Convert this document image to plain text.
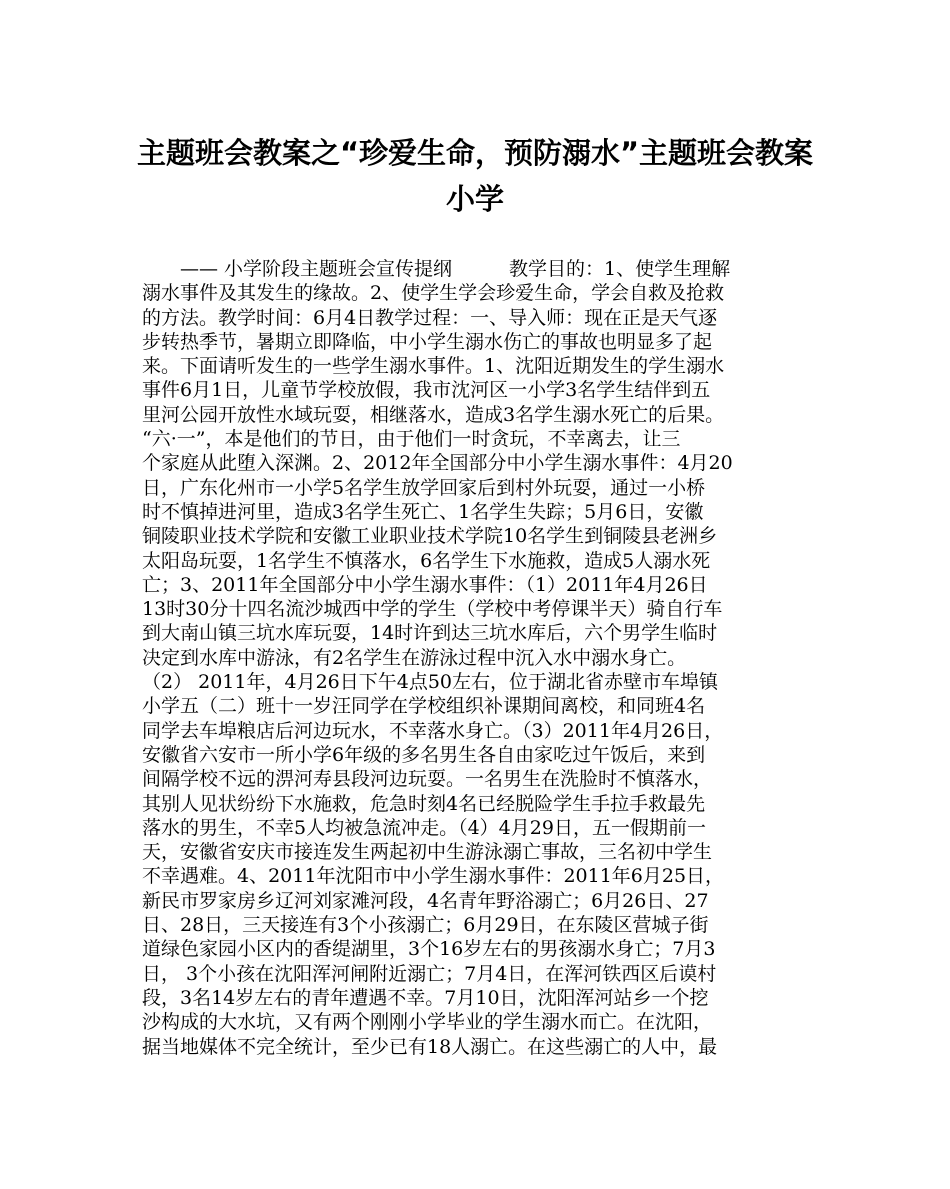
主题班会教案之“珍爱生命，预防溺水”主题班会教案
小学
　　—— 小学阶段主题班会宣传提纲　　　教学目的：1、使学生理解
溺水事件及其发生的缘故。2、使学生学会珍爱生命，学会自救及抢救
的方法。教学时间：6月4日教学过程：一、导入师：现在正是天气逐
步转热季节，暑期立即降临，中小学生溺水伤亡的事故也明显多了起
来。下面请听发生的一些学生溺水事件。1、沈阳近期发生的学生溺水
事件6月1日，儿童节学校放假，我市沈河区一小学3名学生结伴到五
里河公园开放性水域玩耍，相继落水，造成3名学生溺水死亡的后果。
“六·一”，本是他们的节日，由于他们一时贪玩，不幸离去，让三
个家庭从此堕入深渊。2、2012年全国部分中小学生溺水事件：4月20
日，广东化州市一小学5名学生放学回家后到村外玩耍，通过一小桥
时不慎掉进河里，造成3名学生死亡、1名学生失踪；5月6日，安徽
铜陵职业技术学院和安徽工业职业技术学院10名学生到铜陵县老洲乡
太阳岛玩耍，1名学生不慎落水，6名学生下水施救，造成5人溺水死
亡；3、2011年全国部分中小学生溺水事件：（1）2011年4月26日
13时30分十四名流沙城西中学的学生（学校中考停课半天）骑自行车
到大南山镇三坑水库玩耍，14时许到达三坑水库后，六个男学生临时
决定到水库中游泳，有2名学生在游泳过程中沉入水中溺水身亡。
（2） 2011年，4月26日下午4点50左右，位于湖北省赤壁市车埠镇
小学五（二）班十一岁汪同学在学校组织补课期间离校，和同班4名
同学去车埠粮店后河边玩水，不幸落水身亡。（3）2011年4月26日，
安徽省六安市一所小学6年级的多名男生各自由家吃过午饭后，来到
间隔学校不远的淠河寿县段河边玩耍。一名男生在洗脸时不慎落水，
其别人见状纷纷下水施救，危急时刻4名已经脱险学生手拉手救最先
落水的男生，不幸5人均被急流冲走。（4）4月29日，五一假期前一
天，安徽省安庆市接连发生两起初中生游泳溺亡事故，三名初中学生
不幸遇难。4、2011年沈阳市中小学生溺水事件：2011年6月25日，
新民市罗家房乡辽河刘家滩河段，4名青年野浴溺亡；6月26日、27
日、28日，三天接连有3个小孩溺亡；6月29日，在东陵区营城子街
道绿色家园小区内的香缇湖里，3个16岁左右的男孩溺水身亡；7月3
日， 3个小孩在沈阳浑河闸附近溺亡；7月4日，在浑河铁西区后谟村
段，3名14岁左右的青年遭遇不幸。7月10日，沈阳浑河站乡一个挖
沙构成的大水坑，又有两个刚刚小学毕业的学生溺水而亡。在沈阳，
据当地媒体不完全统计，至少已有18人溺亡。在这些溺亡的人中，最
